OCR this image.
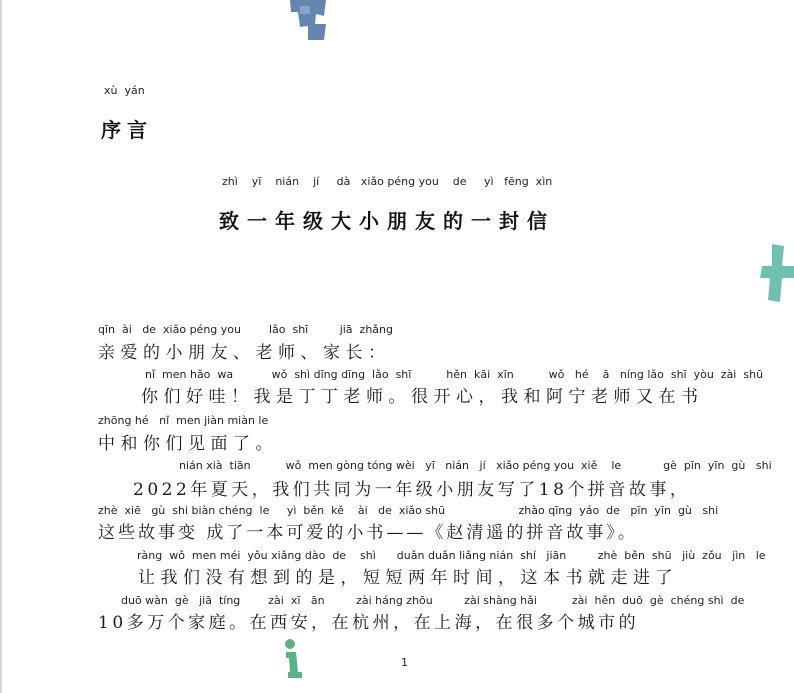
xù  yán
序言
zhì    yī    nián    jí     dà   xiǎo péng you    de     yì   fēng  xìn
致一年级大小朋友的一封信
qīn  ài   de  xiǎo péng you        lǎo  shī         jiā  zhǎng
亲爱的小朋友、老师、家长：
nǐ  men hǎo  wa           wǒ  shì dīng dīng  lǎo  shī          hěn  kāi  xīn          wǒ   hé    ā   níng lǎo  shī  yòu  zài  shū
你们好哇！我是丁丁老师。很开心，我和阿宁老师又在书
zhōng hé   nǐ  men jiàn miàn le
中和你们见面了。
nián xià  tiān          wǒ  men gòng tóng wèi   yī   nián   jí   xiǎo péng you  xiě    le            gè  pīn  yīn  gù   shi
2022年夏天，我们共同为一年级小朋友写了18个拼音故事，
zhè  xiē   gù  shi biàn chéng  le     yì  běn  kě    ài   de  xiǎo shū                     zhào qīng  yáo  de   pīn  yīn  gù   shi
这些故事变 成了一本可爱的小书——《赵清遥的拼音故事》。
ràng  wǒ  men méi  yǒu xiǎng dào  de    shì      duǎn duǎn liǎng nián  shí   jiān         zhè  běn  shū   jiù  zǒu   jìn   le
让我们没有想到的是，短短两年时间，这本书就走进了
duō wàn  gè   jiā  tíng        zài  xī   ān         zài háng zhōu         zài shàng hǎi          zài  hěn  duō  gè  chéng shì  de
10多万个家庭。在西安，在杭州，在上海，在很多个城市的
1
